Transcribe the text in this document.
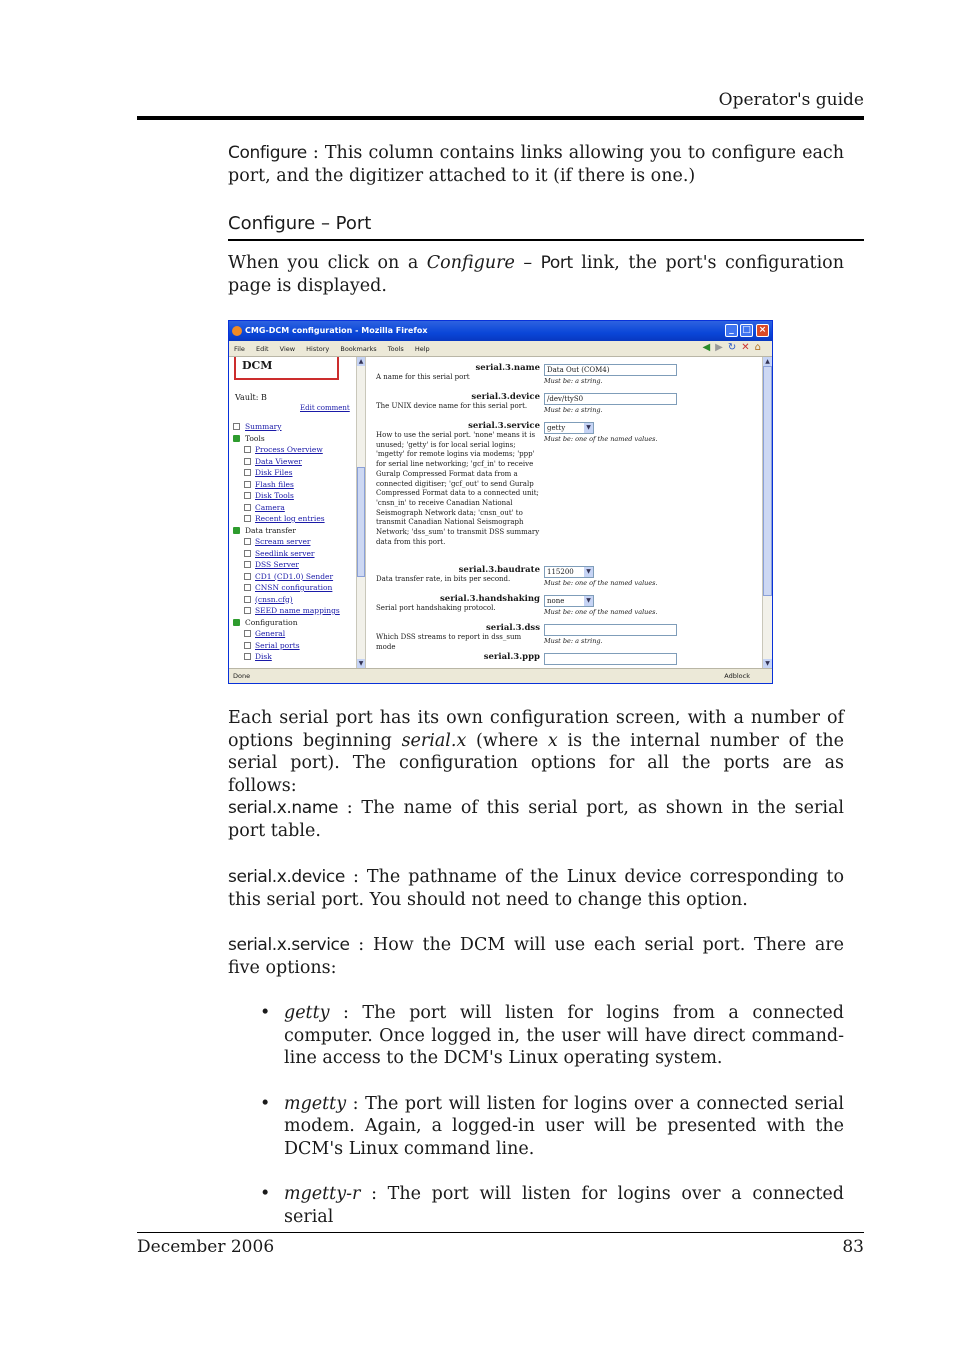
Operator's guide

Configure : This column contains links allowing you to configure each port, and the digitizer attached to it (if there is one.)

Configure – Port

When you click on a Configure – Port link, the port's configuration page is displayed.

CMG-DCM configuration - Mozilla Firefox	_ □ ×
File Edit View History Bookmarks Tools Help	◀▶↻✕⌂
DCM
Vault: B
Edit comment
Summary
Tools
Process Overview
Data Viewer
Disk Files
Flash files
Disk Tools
Camera
Recent log entries
Data transfer
Scream server
Seedlink server
DSS Server
CD1 (CD1.0) Sender
CNSN configuration
(cnsn.cfg)
SEED name mappings
Configuration
General
Serial ports
Disk
▲
▼
serial.3.name
A name for this serial port
Data Out (COM4)
Must be: a string.
serial.3.device
The UNIX device name for this serial port.
/dev/ttyS0
Must be: a string.
serial.3.service
How to use the serial port. 'none' means it is unused; 'getty' is for local serial logins; 'mgetty' for remote logins via modems; 'ppp' for serial line networking; 'gcf_in' to receive Guralp Compressed Format data from a connected digitiser; 'gcf_out' to send Guralp Compressed Format data to a connected unit; 'cnsn_in' to receive Canadian National Seismograph Network data; 'cnsn_out' to transmit Canadian National Seismograph Network; 'dss_sum' to transmit DSS summary data from this port.
getty	▼
Must be: one of the named values.
serial.3.baudrate
Data transfer rate, in bits per second.
115200	▼
Must be: one of the named values.
serial.3.handshaking
Serial port handshaking protocol.
none	▼
Must be: one of the named values.
serial.3.dss
Which DSS streams to report in dss_sum mode
Must be: a string.
serial.3.ppp
▲
▼
Done	Adblock

Each serial port has its own configuration screen, with a number of options beginning serial.x (where x is the internal number of the serial port). The configuration options for all the ports are as follows:

serial.x.name : The name of this serial port, as shown in the serial port table.

serial.x.device : The pathname of the Linux device corresponding to this serial port. You should not need to change this option.

serial.x.service : How the DCM will use each serial port. There are five options:

• getty : The port will listen for logins from a connected computer. Once logged in, the user will have direct command-line access to the DCM's Linux operating system.
• mgetty : The port will listen for logins over a connected serial modem. Again, a logged-in user will be presented with the DCM's Linux command line.
• mgetty-r : The port will listen for logins over a connected serial
December 2006	83
